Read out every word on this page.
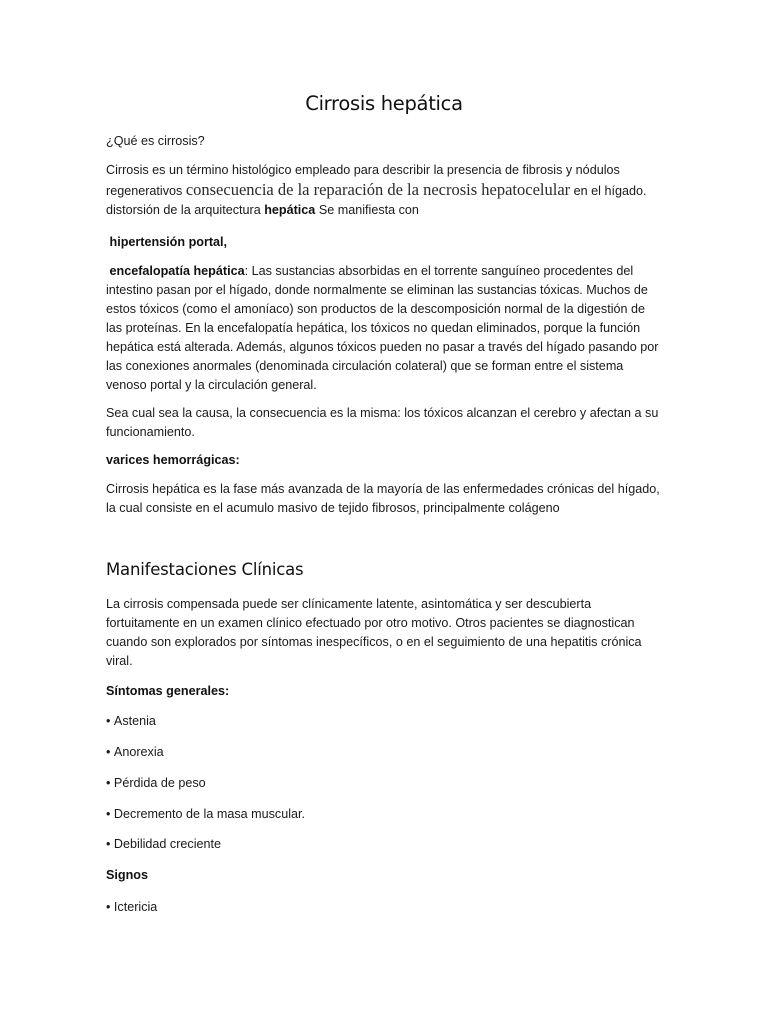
Cirrosis hepática

¿Qué es cirrosis?

Cirrosis es un término histológico empleado para describir la presencia de fibrosis y nódulos regenerativos consecuencia de la reparación de la necrosis hepatocelular en el hígado. distorsión de la arquitectura hepática Se manifiesta con

hipertensión portal,

encefalopatía hepática: Las sustancias absorbidas en el torrente sanguíneo procedentes del intestino pasan por el hígado, donde normalmente se eliminan las sustancias tóxicas. Muchos de estos tóxicos (como el amoníaco) son productos de la descomposición normal de la digestión de las proteínas. En la encefalopatía hepática, los tóxicos no quedan eliminados, porque la función hepática está alterada. Además, algunos tóxicos pueden no pasar a través del hígado pasando por las conexiones anormales (denominada circulación colateral) que se forman entre el sistema venoso portal y la circulación general.

Sea cual sea la causa, la consecuencia es la misma: los tóxicos alcanzan el cerebro y afectan a su funcionamiento.

varices hemorrágicas:

Cirrosis hepática es la fase más avanzada de la mayoría de las enfermedades crónicas del hígado, la cual consiste en el acumulo masivo de tejido fibrosos, principalmente colágeno

Manifestaciones Clínicas

La cirrosis compensada puede ser clínicamente latente, asintomática y ser descubierta fortuitamente en un examen clínico efectuado por otro motivo. Otros pacientes se diagnostican cuando son explorados por síntomas inespecíficos, o en el seguimiento de una hepatitis crónica viral.

Síntomas generales:

• Astenia

• Anorexia

• Pérdida de peso

• Decremento de la masa muscular.

• Debilidad creciente

Signos

• Ictericia
